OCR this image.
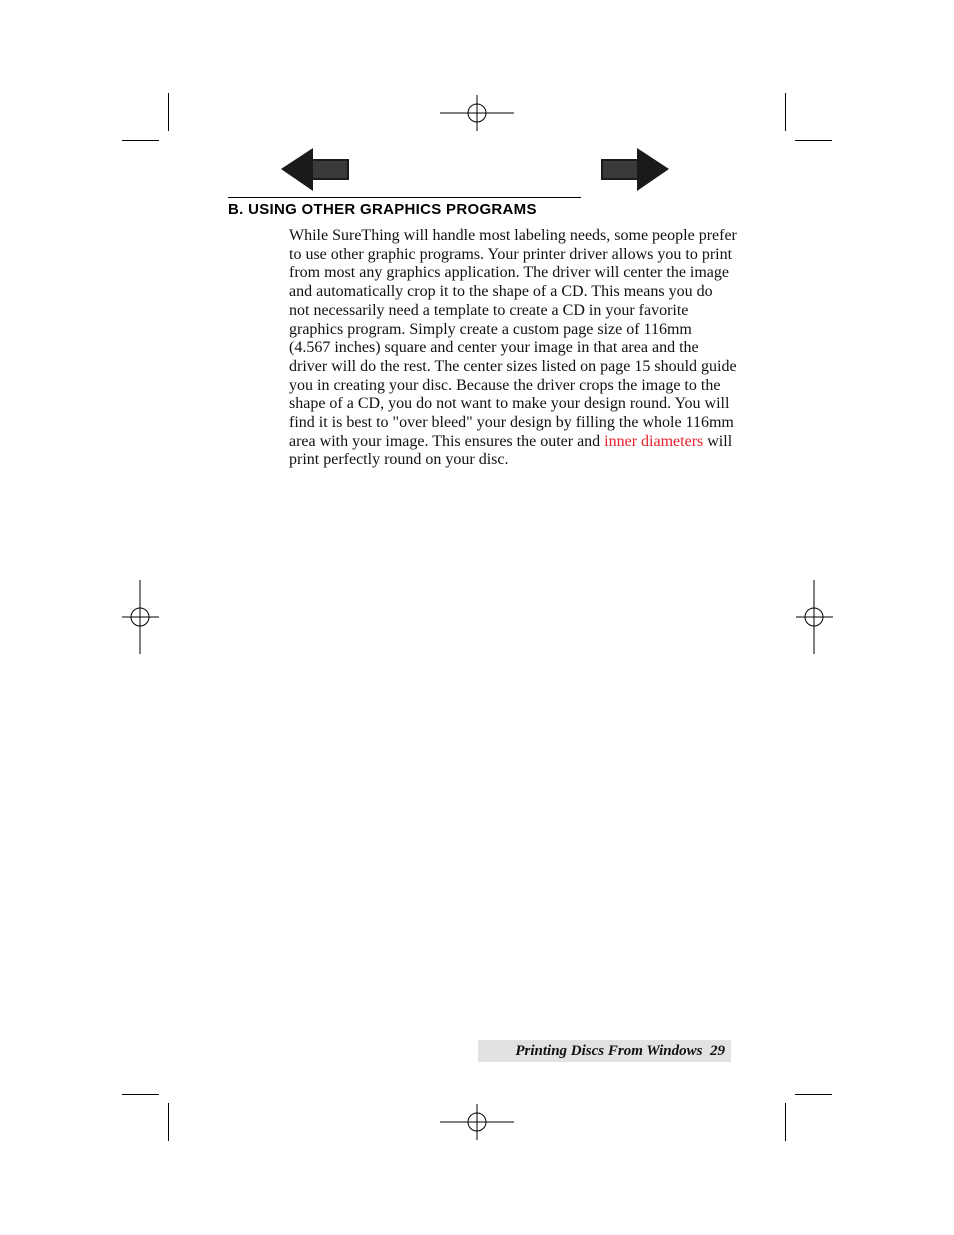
B. USING OTHER GRAPHICS PROGRAMS

While SureThing will handle most labeling needs, some people prefer to use other graphic programs. Your printer driver allows you to print from most any graphics application. The driver will center the image and automatically crop it to the shape of a CD. This means you do not necessarily need a template to create a CD in your favorite graphics program. Simply create a custom page size of 116mm (4.567 inches) square and center your image in that area and the driver will do the rest. The center sizes listed on page 15 should guide you in creating your disc. Because the driver crops the image to the shape of a CD, you do not want to make your design round. You will find it is best to "over bleed" your design by filling the whole 116mm area with your image. This ensures the outer and inner diameters will print perfectly round on your disc.

Printing Discs From Windows 29
